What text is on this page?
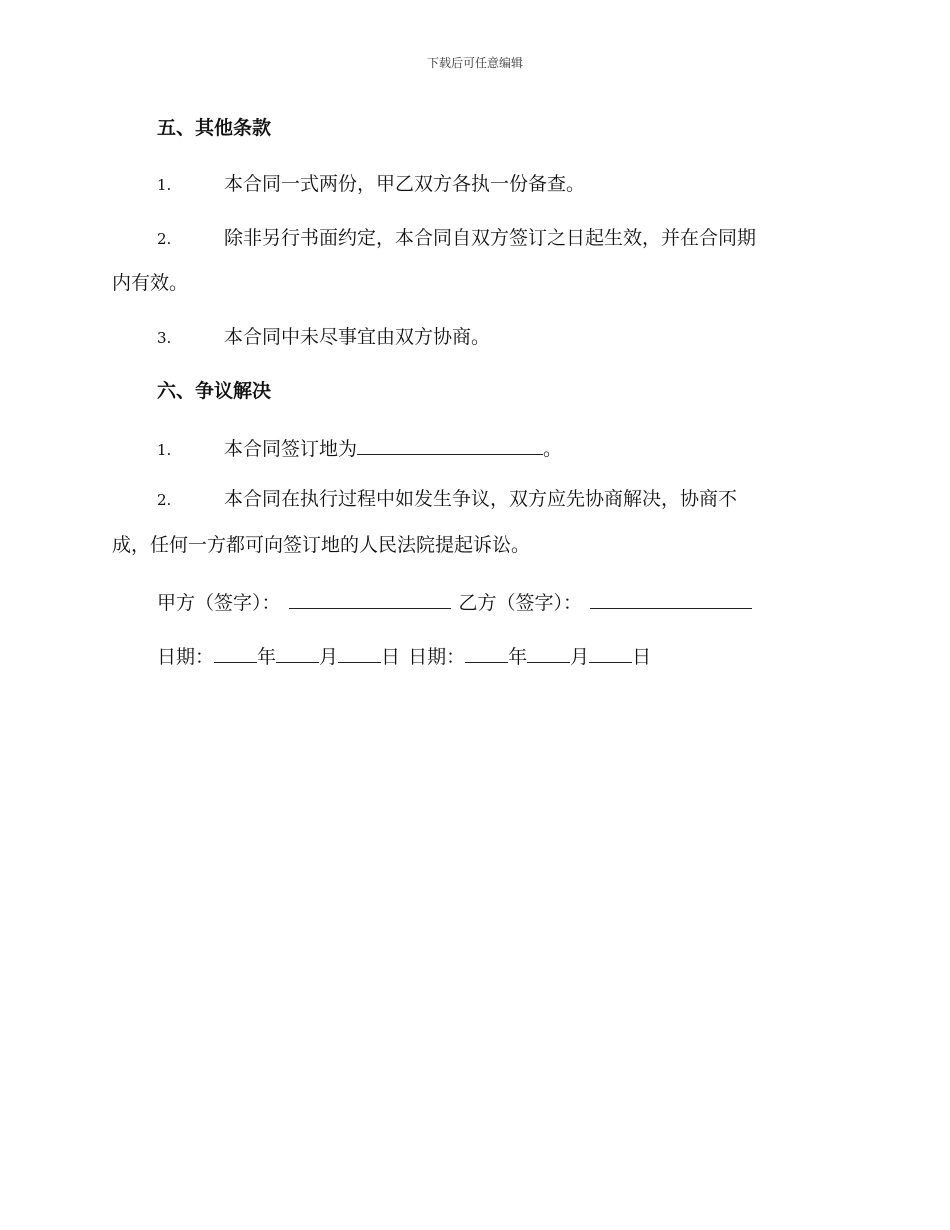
下载后可任意编辑
五、其他条款
1.	本合同一式两份，甲乙双方各执一份备查。
2.	除非另行书面约定，本合同自双方签订之日起生效，并在合同期
内有效。
3.	本合同中未尽事宜由双方协商。
六、争议解决
1.	本合同签订地为	。
2.	本合同在执行过程中如发生争议，双方应先协商解决，协商不
成，任何一方都可向签订地的人民法院提起诉讼。
甲方（签字）：	乙方（签字）：
日期： 年 月 日 日期： 年 月 日
